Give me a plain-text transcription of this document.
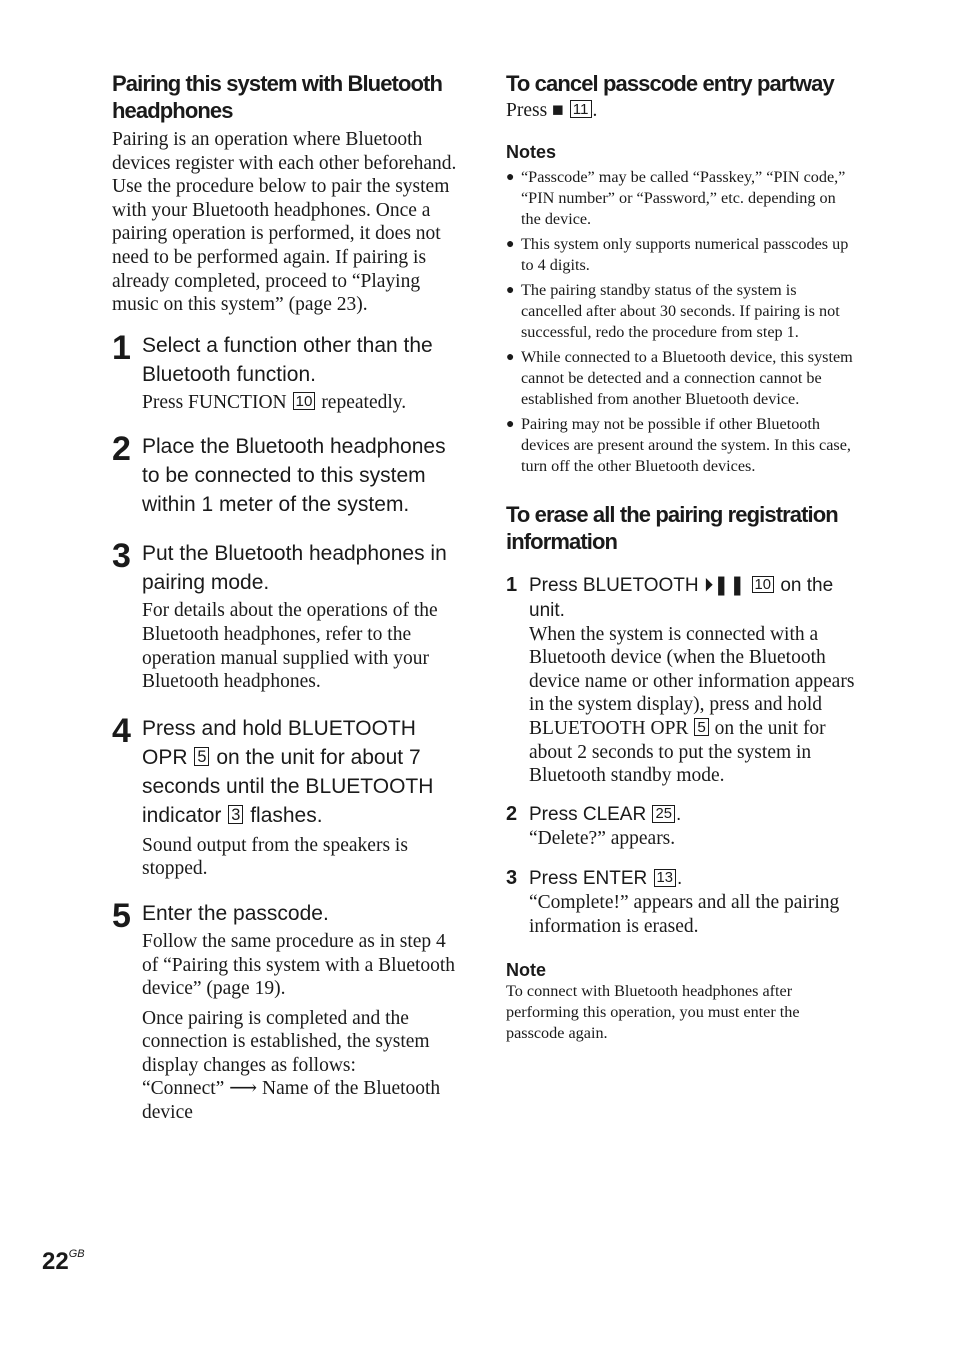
Pairing this system with Bluetooth headphones

Pairing is an operation where Bluetooth devices register with each other beforehand. Use the procedure below to pair the system with your Bluetooth headphones. Once a pairing operation is performed, it does not need to be performed again. If pairing is already completed, proceed to “Playing music on this system” (page 23).

1 Select a function other than the Bluetooth function.

Press FUNCTION 10 repeatedly.

2 Place the Bluetooth headphones to be connected to this system within 1 meter of the system.

3 Put the Bluetooth headphones in pairing mode.

For details about the operations of the Bluetooth headphones, refer to the operation manual supplied with your Bluetooth headphones.

4 Press and hold BLUETOOTH OPR 5 on the unit for about 7 seconds until the BLUETOOTH indicator 3 flashes.

Sound output from the speakers is stopped.

5 Enter the passcode.

Follow the same procedure as in step 4 of “Pairing this system with a Bluetooth device” (page 19).

Once pairing is completed and the connection is established, the system display changes as follows:

“Connect” ⟶ Name of the Bluetooth device

To cancel passcode entry partway

Press ■ 11 .

Notes

● “Passcode” may be called “Passkey,” “PIN code,” “PIN number” or “Password,” etc. depending on the device.
● This system only supports numerical passcodes up to 4 digits.
● The pairing standby status of the system is cancelled after about 30 seconds. If pairing is not successful, redo the procedure from step 1.
● While connected to a Bluetooth device, this system cannot be detected and a connection cannot be established from another Bluetooth device.
● Pairing may not be possible if other Bluetooth devices are present around the system. In this case, turn off the other Bluetooth devices.
To erase all the pairing registration information
1 Press BLUETOOTH ⏵❚❚ 10 on the unit.

When the system is connected with a Bluetooth device (when the Bluetooth device name or other information appears in the system display), press and hold BLUETOOTH OPR 5 on the unit for about 2 seconds to put the system in Bluetooth standby mode.

2 Press CLEAR 25 .

“Delete?” appears.

3 Press ENTER 13 .

“Complete!” appears and all the pairing information is erased.

Note

To connect with Bluetooth headphones after performing this operation, you must enter the passcode again.

$22^{GB}$
